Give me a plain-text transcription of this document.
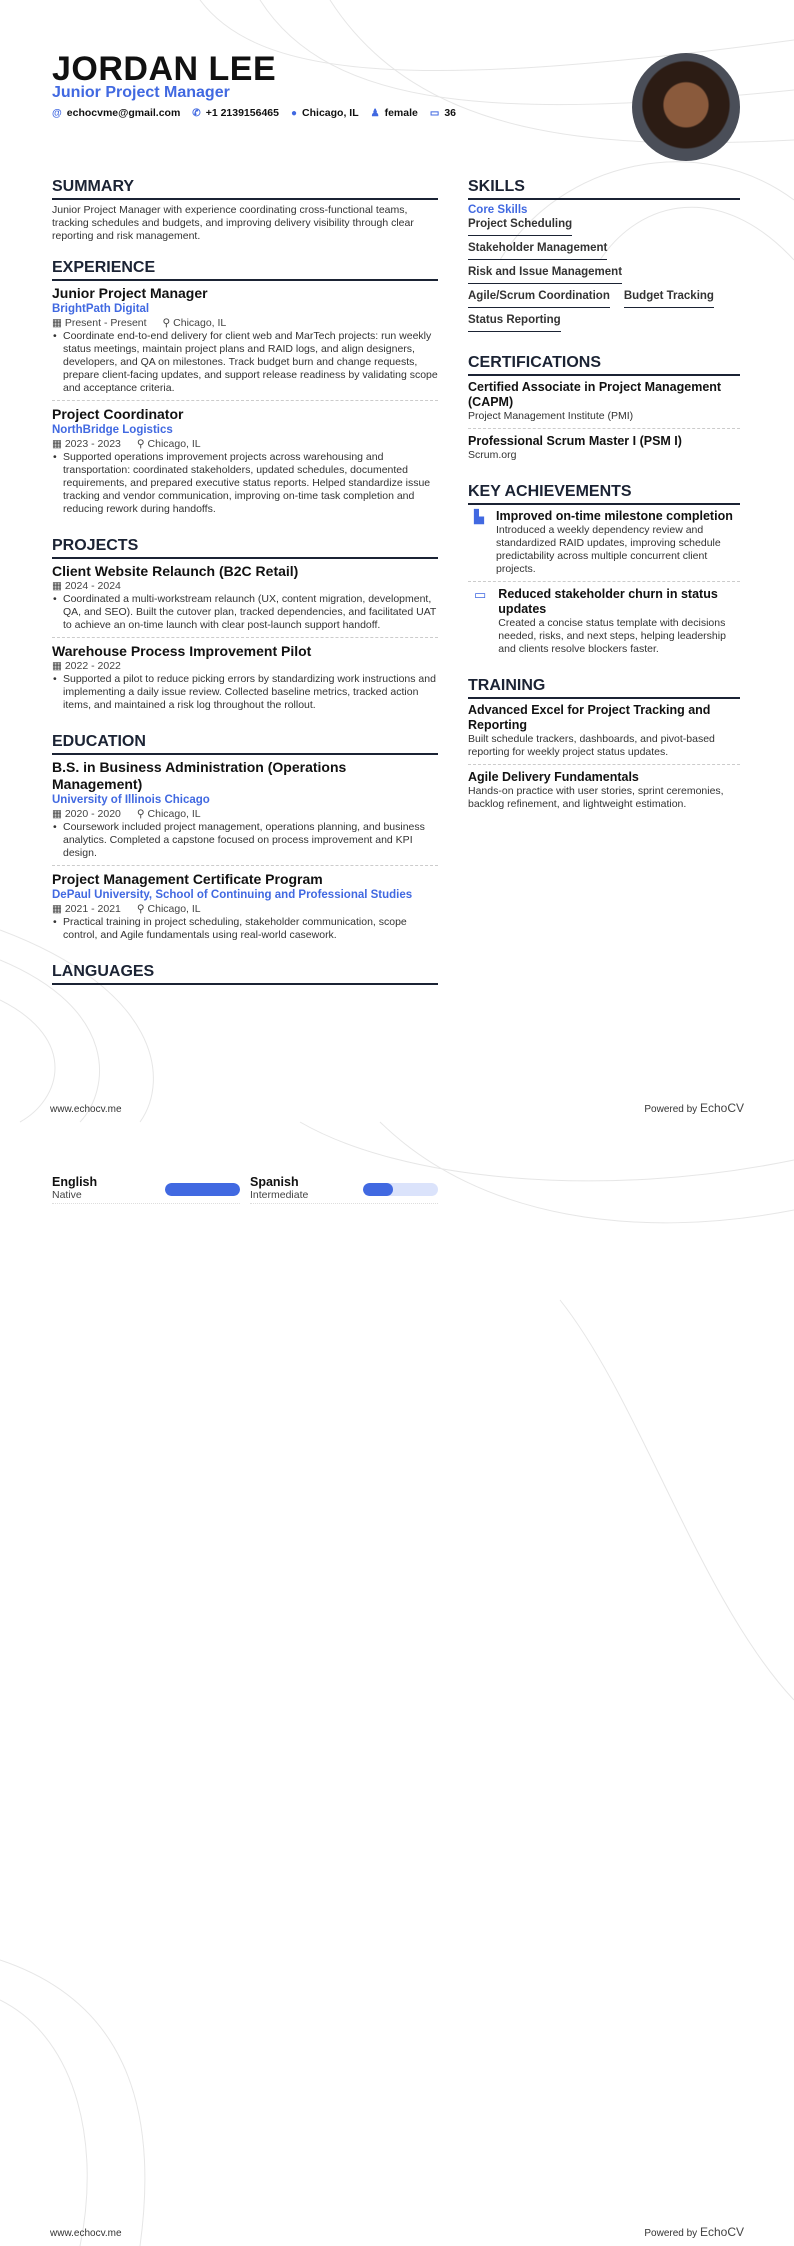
JORDAN LEE
Junior Project Manager
@ echocvme@gmail.com ✆ +1 2139156465 ● Chicago, IL ♟ female ▭ 36
SUMMARY
Junior Project Manager with experience coordinating cross-functional teams, tracking schedules and budgets, and improving delivery visibility through clear reporting and risk management.
EXPERIENCE
Junior Project Manager
BrightPath Digital
▦ Present - Present ⚲ Chicago, IL
• Coordinate end-to-end delivery for client web and MarTech projects: run weekly status meetings, maintain project plans and RAID logs, and align designers, developers, and QA on milestones. Track budget burn and change requests, prepare client-facing updates, and support release readiness by validating scope and acceptance criteria.
Project Coordinator
NorthBridge Logistics
▦ 2023 - 2023 ⚲ Chicago, IL
• Supported operations improvement projects across warehousing and transportation: coordinated stakeholders, updated schedules, documented requirements, and prepared executive status reports. Helped standardize issue tracking and vendor communication, improving on-time task completion and reducing rework during handoffs.
PROJECTS
Client Website Relaunch (B2C Retail)
▦ 2024 - 2024
• Coordinated a multi-workstream relaunch (UX, content migration, development, QA, and SEO). Built the cutover plan, tracked dependencies, and facilitated UAT to achieve an on-time launch with clear post-launch support handoff.
Warehouse Process Improvement Pilot
▦ 2022 - 2022
• Supported a pilot to reduce picking errors by standardizing work instructions and implementing a daily issue review. Collected baseline metrics, tracked action items, and maintained a risk log throughout the rollout.
EDUCATION
B.S. in Business Administration (Operations Management)
University of Illinois Chicago
▦ 2020 - 2020 ⚲ Chicago, IL
• Coursework included project management, operations planning, and business analytics. Completed a capstone focused on process improvement and KPI design.
Project Management Certificate Program
DePaul University, School of Continuing and Professional Studies
▦ 2021 - 2021 ⚲ Chicago, IL
• Practical training in project scheduling, stakeholder communication, scope control, and Agile fundamentals using real-world casework.
LANGUAGES
SKILLS
Core Skills
Project Scheduling
Stakeholder Management
Risk and Issue Management
Agile/Scrum Coordination Budget Tracking
Status Reporting
CERTIFICATIONS
Certified Associate in Project Management (CAPM)
Project Management Institute (PMI)
Professional Scrum Master I (PSM I)
Scrum.org
KEY ACHIEVEMENTS
▙ Improved on-time milestone completion
Introduced a weekly dependency review and standardized RAID updates, improving schedule predictability across multiple concurrent client projects.
▭ Reduced stakeholder churn in status updates
Created a concise status template with decisions needed, risks, and next steps, helping leadership and clients resolve blockers faster.
TRAINING
Advanced Excel for Project Tracking and Reporting
Built schedule trackers, dashboards, and pivot-based reporting for weekly project status updates.
Agile Delivery Fundamentals
Hands-on practice with user stories, sprint ceremonies, backlog refinement, and lightweight estimation.
www.echocv.me	Powered by EchoCV
English
Native
Spanish
Intermediate
www.echocv.me	Powered by EchoCV
